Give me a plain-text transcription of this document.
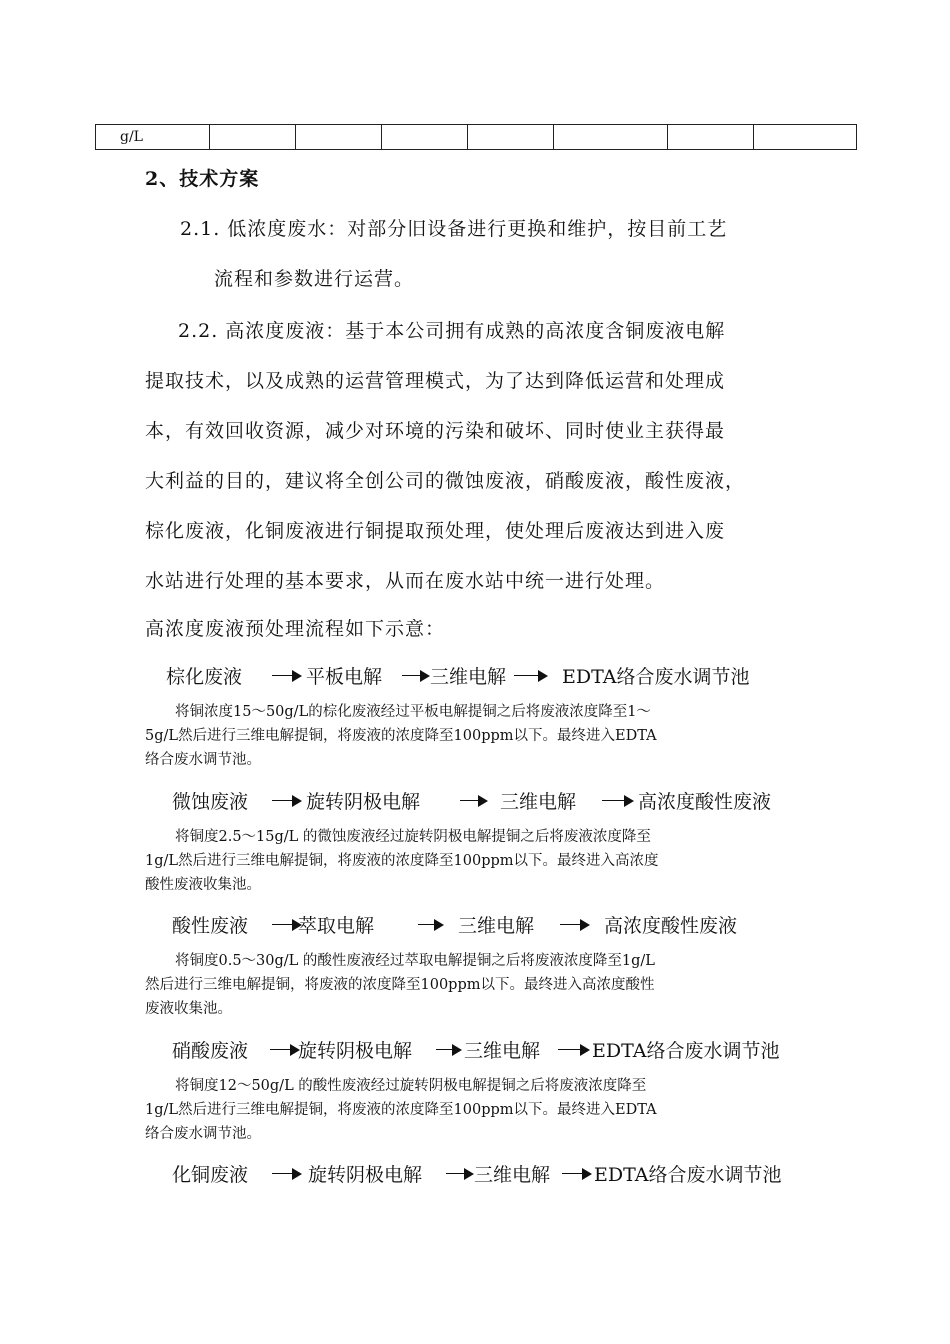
g/L							
2、技术方案
2.1. 低浓度废水：对部分旧设备进行更换和维护，按目前工艺
流程和参数进行运营。
2.2. 高浓度废液：基于本公司拥有成熟的高浓度含铜废液电解
提取技术，以及成熟的运营管理模式，为了达到降低运营和处理成
本，有效回收资源，减少对环境的污染和破坏、同时使业主获得最
大利益的目的，建议将全创公司的微蚀废液，硝酸废液，酸性废液，
棕化废液，化铜废液进行铜提取预处理，使处理后废液达到进入废
水站进行处理的基本要求，从而在废水站中统一进行处理。
高浓度废液预处理流程如下示意：
棕化废液	平板电解	三维电解	EDTA络合废水调节池
将铜浓度15～50g/L的棕化废液经过平板电解提铜之后将废液浓度降至1～
5g/L然后进行三维电解提铜，将废液的浓度降至100ppm以下。最终进入EDTA
络合废水调节池。
微蚀废液	旋转阴极电解	三维电解	高浓度酸性废液
将铜度2.5～15g/L 的微蚀废液经过旋转阴极电解提铜之后将废液浓度降至
1g/L然后进行三维电解提铜，将废液的浓度降至100ppm以下。最终进入高浓度
酸性废液收集池。
酸性废液	萃取电解	三维电解	高浓度酸性废液
将铜度0.5～30g/L 的酸性废液经过萃取电解提铜之后将废液浓度降至1g/L
然后进行三维电解提铜，将废液的浓度降至100ppm以下。最终进入高浓度酸性
废液收集池。
硝酸废液	旋转阴极电解	三维电解	EDTA络合废水调节池
将铜度12～50g/L 的酸性废液经过旋转阴极电解提铜之后将废液浓度降至
1g/L然后进行三维电解提铜，将废液的浓度降至100ppm以下。最终进入EDTA
络合废水调节池。
化铜废液	旋转阴极电解	三维电解 EDTA络合废水调节池
